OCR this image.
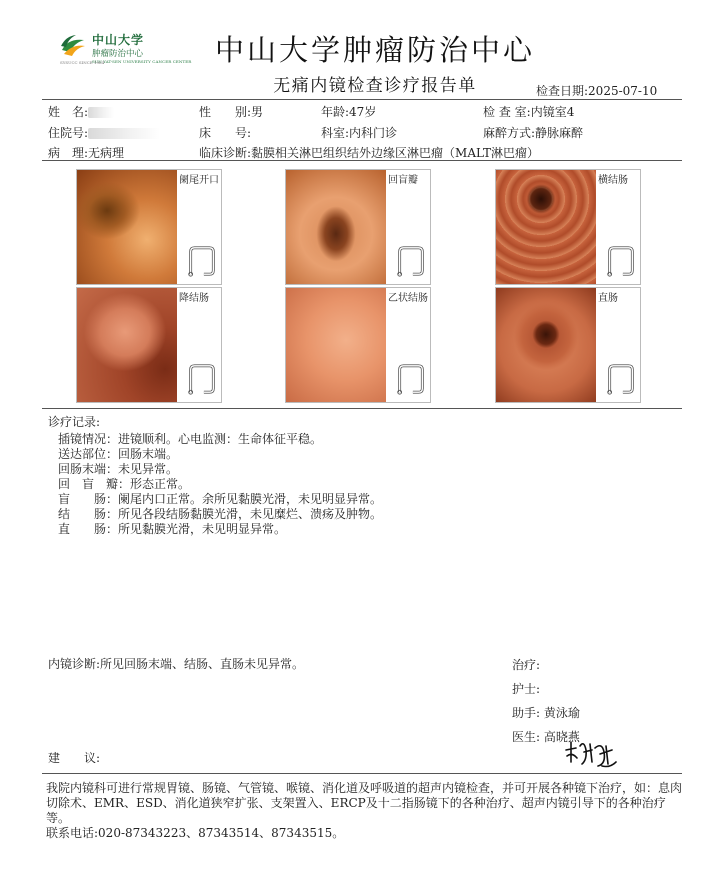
中山大学
肿瘤防治中心
SUN YAT-SEN UNIVERSITY CANCER CENTER
SYSUCC SINCE 1964	中山大学肿瘤防治中心
无痛内镜检查诊疗报告单	检查日期:2025-07-10
姓　名:	性　　别:男	年龄:47岁	检 查 室:内镜室4
住院号:	床　　号:	科室:内科门诊	麻醉方式:静脉麻醉
病　理:无病理	临床诊断:黏膜相关淋巴组织结外边缘区淋巴瘤（MALT淋巴瘤）
阑尾开口	回盲瓣	横结肠
降结肠	乙状结肠	直肠
诊疗记录:
插镜情况：进镜顺利。心电监测：生命体征平稳。
送达部位：回肠末端。
回肠末端：未见异常。
回　盲　瓣：形态正常。
盲　　肠：阑尾内口正常。余所见黏膜光滑，未见明显异常。
结　　肠：所见各段结肠黏膜光滑，未见糜烂、溃疡及肿物。
直　　肠：所见黏膜光滑，未见明显异常。
内镜诊断:所见回肠末端、结肠、直肠未见异常。	治疗:
护士:
助手: 黄泳瑜
医生: 高晓燕
建　　议:
我院内镜科可进行常规胃镜、肠镜、气管镜、喉镜、消化道及呼吸道的超声内镜检查，并可开展各种镜下治疗，如：息肉切除术、EMR、ESD、消化道狭窄扩张、支架置入、ERCP及十二指肠镜下的各种治疗、超声内镜引导下的各种治疗等。
联系电话:020-87343223、87343514、87343515。
